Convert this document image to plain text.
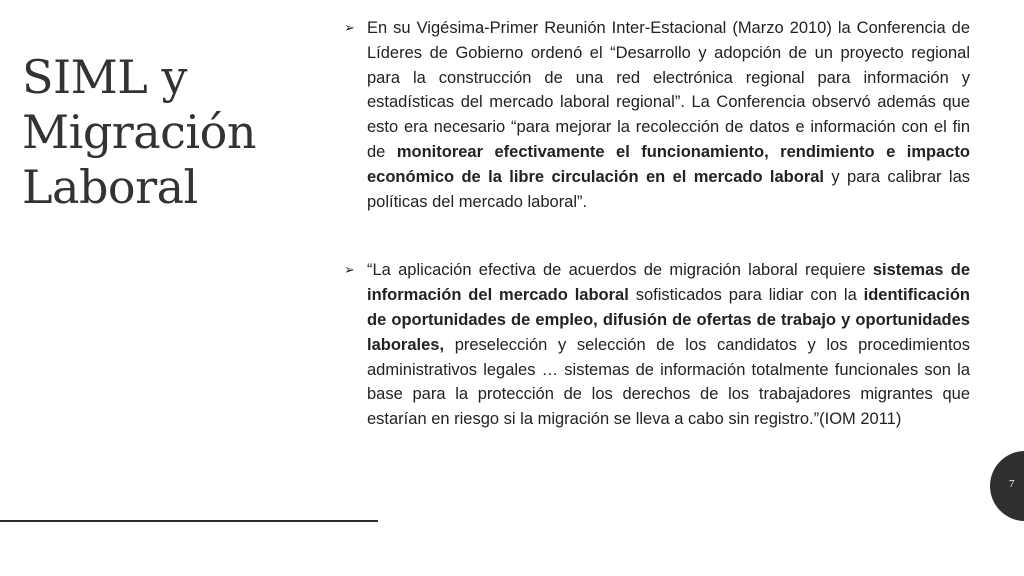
SIML y
Migración
Laboral
➢ En su Vigésima-Primer Reunión Inter-Estacional (Marzo 2010) la Conferencia de Líderes de Gobierno ordenó el “Desarrollo y adopción de un proyecto regional para la construcción de una red electrónica regional para información y estadísticas del mercado laboral regional”. La Conferencia observó además que esto era necesario “para mejorar la recolección de datos e información con el fin de monitorear efectivamente el funcionamiento, rendimiento e impacto económico de la libre circulación en el mercado laboral y para calibrar las políticas del mercado laboral”.
➢ “La aplicación efectiva de acuerdos de migración laboral requiere sistemas de información del mercado laboral sofisticados para lidiar con la identificación de oportunidades de empleo, difusión de ofertas de trabajo y oportunidades laborales, preselección y selección de los candidatos y los procedimientos administrativos legales … sistemas de información totalmente funcionales son la base para la protección de los derechos de los trabajadores migrantes que estarían en riesgo si la migración se lleva a cabo sin registro.”(IOM 2011)
7
